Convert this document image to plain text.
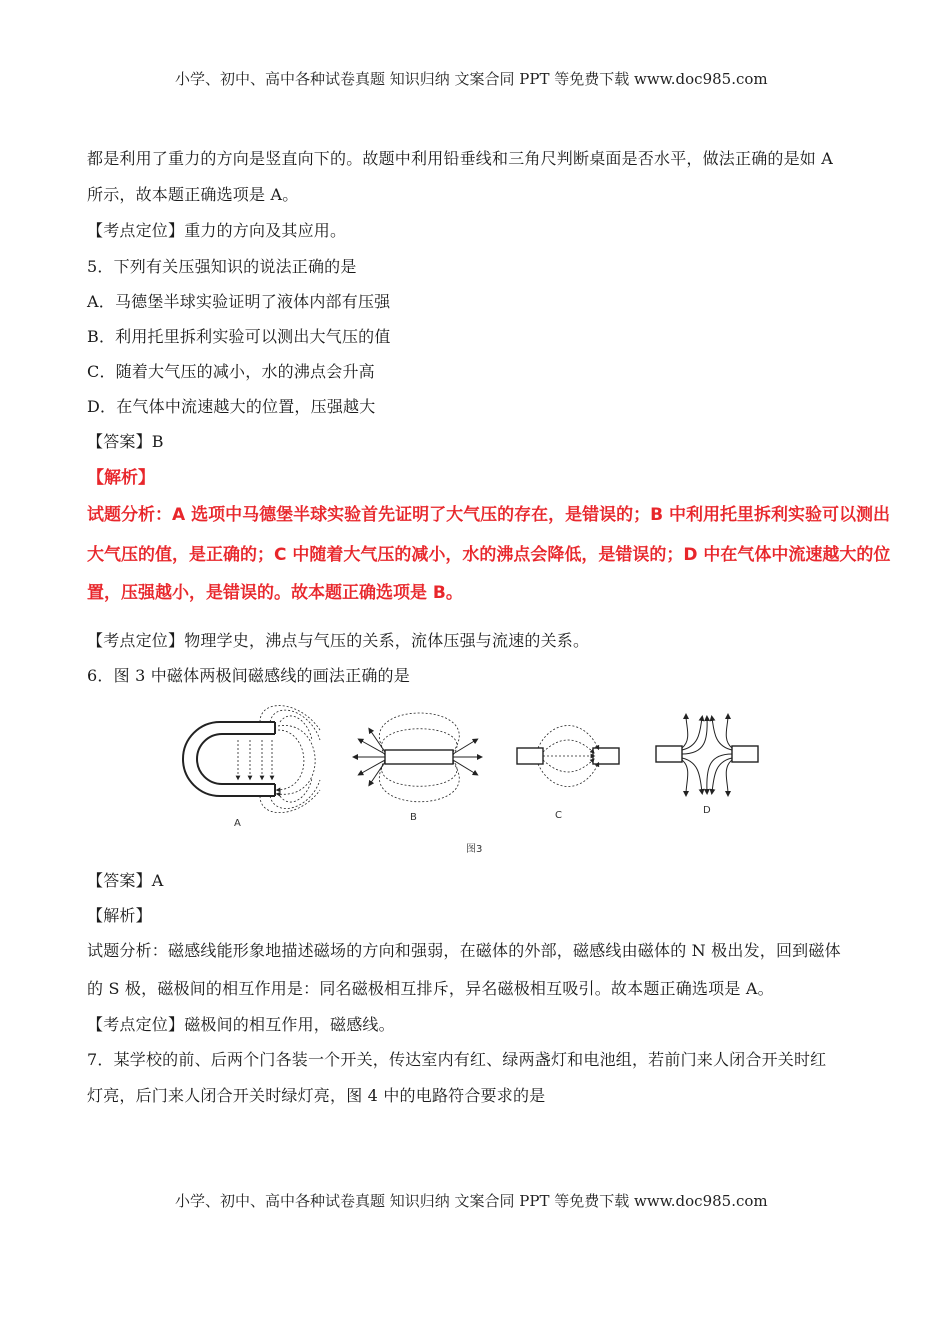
小学、初中、高中各种试卷真题 知识归纳 文案合同 PPT 等免费下载 www.doc985.com
都是利用了重力的方向是竖直向下的。故题中利用铅垂线和三角尺判断桌面是否水平，做法正确的是如 A
所示，故本题正确选项是 A。
【考点定位】重力的方向及其应用。
5．下列有关压强知识的说法正确的是
A．马德堡半球实验证明了液体内部有压强
B．利用托里拆利实验可以测出大气压的值
C．随着大气压的减小，水的沸点会升高
D．在气体中流速越大的位置，压强越大
【答案】B
【解析】
试题分析：A 选项中马德堡半球实验首先证明了大气压的存在，是错误的；B 中利用托里拆利实验可以测出
大气压的值，是正确的；C 中随着大气压的减小，水的沸点会降低，是错误的；D 中在气体中流速越大的位
置，压强越小，是错误的。故本题正确选项是 B。
【考点定位】物理学史，沸点与气压的关系，流体压强与流速的关系。
6．图 3 中磁体两极间磁感线的画法正确的是
A
B	C	D
图3
【答案】A
【解析】
试题分析：磁感线能形象地描述磁场的方向和强弱，在磁体的外部，磁感线由磁体的 N 极出发，回到磁体
的 S 极，磁极间的相互作用是：同名磁极相互排斥，异名磁极相互吸引。故本题正确选项是 A。
【考点定位】磁极间的相互作用，磁感线。
7．某学校的前、后两个门各装一个开关，传达室内有红、绿两盏灯和电池组，若前门来人闭合开关时红
灯亮，后门来人闭合开关时绿灯亮，图 4 中的电路符合要求的是
小学、初中、高中各种试卷真题 知识归纳 文案合同 PPT 等免费下载 www.doc985.com
